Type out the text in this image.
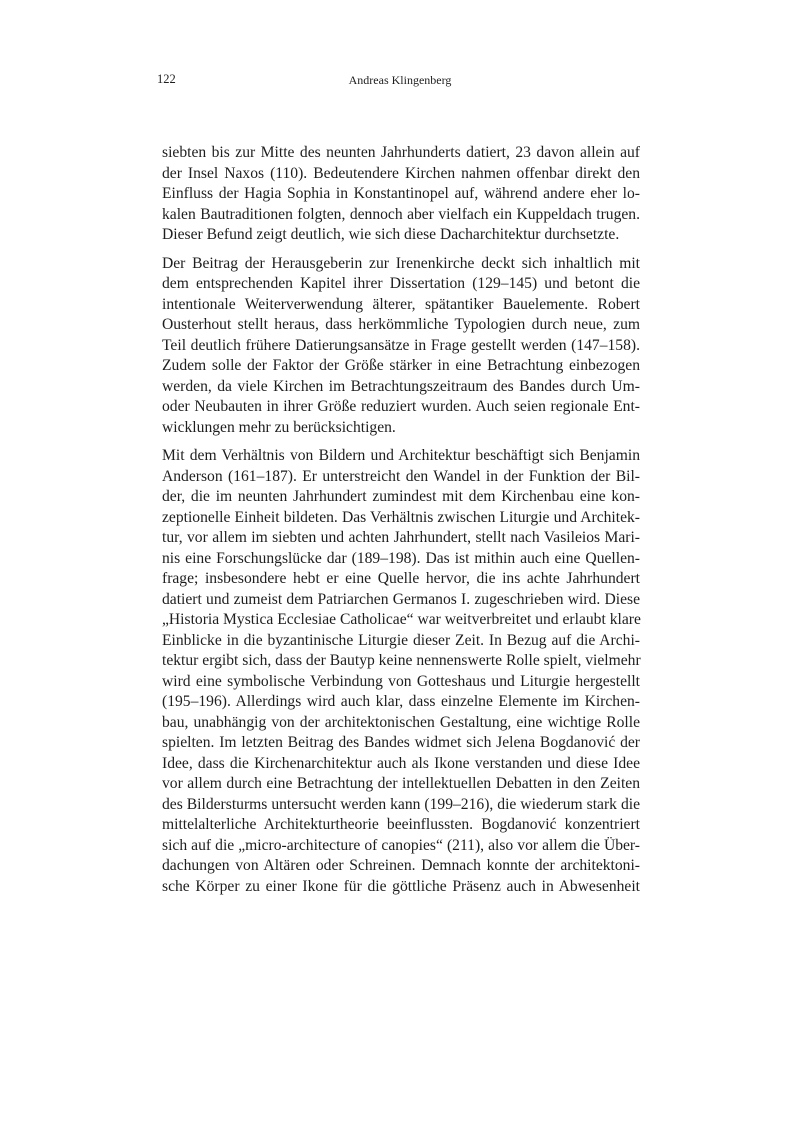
122	Andreas Klingenberg

siebten bis zur Mitte des neunten Jahrhunderts datiert, 23 davon allein auf
der Insel Naxos (110). Bedeutendere Kirchen nahmen offenbar direkt den
Einfluss der Hagia Sophia in Konstantinopel auf, während andere eher lo-
kalen Bautraditionen folgten, dennoch aber vielfach ein Kuppeldach trugen.
Dieser Befund zeigt deutlich, wie sich diese Dacharchitektur durchsetzte.

Der Beitrag der Herausgeberin zur Irenenkirche deckt sich inhaltlich mit
dem entsprechenden Kapitel ihrer Dissertation (129–145) und betont die
intentionale Weiterverwendung älterer, spätantiker Bauelemente. Robert
Ousterhout stellt heraus, dass herkömmliche Typologien durch neue, zum
Teil deutlich frühere Datierungsansätze in Frage gestellt werden (147–158).
Zudem solle der Faktor der Größe stärker in eine Betrachtung einbezogen
werden, da viele Kirchen im Betrachtungszeitraum des Bandes durch Um-
oder Neubauten in ihrer Größe reduziert wurden. Auch seien regionale Ent-
wicklungen mehr zu berücksichtigen.

Mit dem Verhältnis von Bildern und Architektur beschäftigt sich Benjamin
Anderson (161–187). Er unterstreicht den Wandel in der Funktion der Bil-
der, die im neunten Jahrhundert zumindest mit dem Kirchenbau eine kon-
zeptionelle Einheit bildeten. Das Verhältnis zwischen Liturgie und Architek-
tur, vor allem im siebten und achten Jahrhundert, stellt nach Vasileios Mari-
nis eine Forschungslücke dar (189–198). Das ist mithin auch eine Quellen-
frage; insbesondere hebt er eine Quelle hervor, die ins achte Jahrhundert
datiert und zumeist dem Patriarchen Germanos I. zugeschrieben wird. Diese
„Historia Mystica Ecclesiae Catholicae“ war weitverbreitet und erlaubt klare
Einblicke in die byzantinische Liturgie dieser Zeit. In Bezug auf die Archi-
tektur ergibt sich, dass der Bautyp keine nennenswerte Rolle spielt, vielmehr
wird eine symbolische Verbindung von Gotteshaus und Liturgie hergestellt
(195–196). Allerdings wird auch klar, dass einzelne Elemente im Kirchen-
bau, unabhängig von der architektonischen Gestaltung, eine wichtige Rolle
spielten. Im letzten Beitrag des Bandes widmet sich Jelena Bogdanović der
Idee, dass die Kirchenarchitektur auch als Ikone verstanden und diese Idee
vor allem durch eine Betrachtung der intellektuellen Debatten in den Zeiten
des Bildersturms untersucht werden kann (199–216), die wiederum stark die
mittelalterliche Architekturtheorie beeinflussten. Bogdanović konzentriert
sich auf die „micro-architecture of canopies“ (211), also vor allem die Über-
dachungen von Altären oder Schreinen. Demnach konnte der architektoni-
sche Körper zu einer Ikone für die göttliche Präsenz auch in Abwesenheit
